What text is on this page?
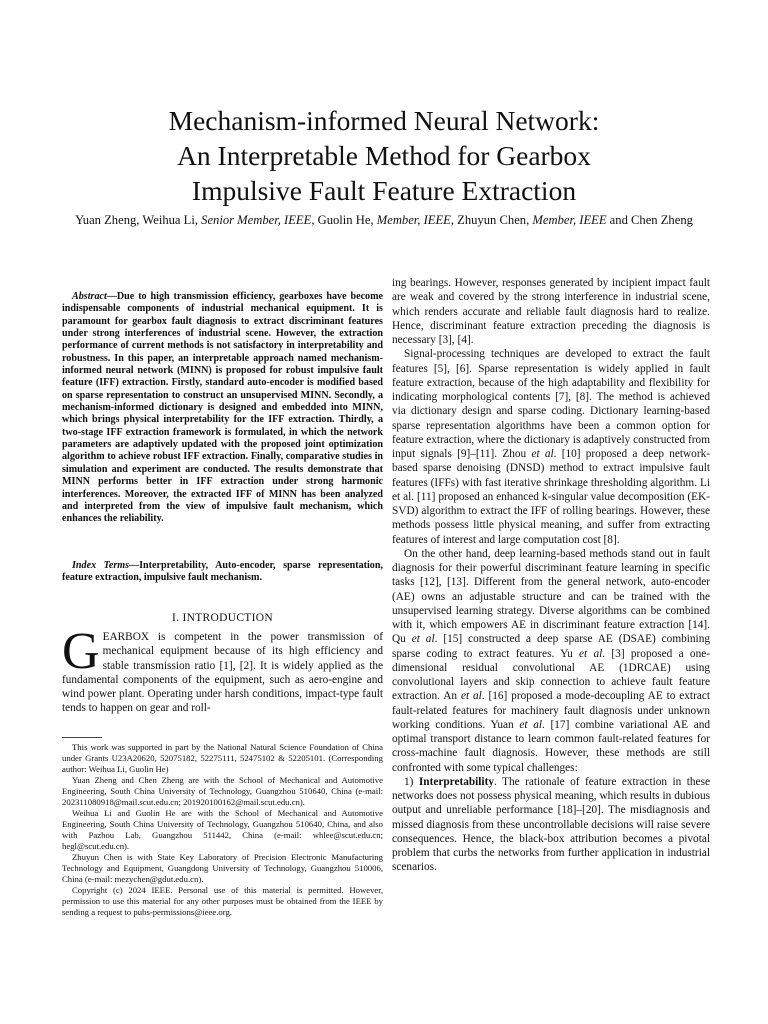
Mechanism-informed Neural Network:
An Interpretable Method for Gearbox
Impulsive Fault Feature Extraction
Yuan Zheng, Weihua Li, Senior Member, IEEE, Guolin He, Member, IEEE, Zhuyun Chen, Member, IEEE and Chen Zheng

Abstract—Due to high transmission efficiency, gearboxes have become indispensable components of industrial mechanical equipment. It is paramount for gearbox fault diagnosis to extract discriminant features under strong interferences of industrial scene. However, the extraction performance of current methods is not satisfactory in interpretability and robustness. In this paper, an interpretable approach named mechanism-informed neural network (MINN) is proposed for robust impulsive fault feature (IFF) extraction. Firstly, standard auto-encoder is modified based on sparse representation to construct an unsupervised MINN. Secondly, a mechanism-informed dictionary is designed and embedded into MINN, which brings physical interpretability for the IFF extraction. Thirdly, a two-stage IFF extraction framework is formulated, in which the network parameters are adaptively updated with the proposed joint optimization algorithm to achieve robust IFF extraction. Finally, comparative studies in simulation and experiment are conducted. The results demonstrate that MINN performs better in IFF extraction under strong harmonic interferences. Moreover, the extracted IFF of MINN has been analyzed and interpreted from the view of impulsive fault mechanism, which enhances the reliability.

Index Terms—Interpretability, Auto-encoder, sparse representation, feature extraction, impulsive fault mechanism.

I. INTRODUCTION

GEARBOX is competent in the power transmission of mechanical equipment because of its high efficiency and stable transmission ratio [1], [2]. It is widely applied as the fundamental components of the equipment, such as aero-engine and wind power plant. Operating under harsh conditions, impact-type fault tends to happen on gear and roll-

This work was supported in part by the National Natural Science Foundation of China under Grants U23A20620, 52075182, 52275111, 52475102 & 52205101. (Corresponding author: Weihua Li, Guolin He)

Yuan Zheng and Chen Zheng are with the School of Mechanical and Automotive Engineering, South China University of Technology, Guangzhou 510640, China (e-mail: 202311080918@mail.scut.edu.cn; 201920100162@mail.scut.edu.cn).

Weihua Li and Guolin He are with the School of Mechanical and Automotive Engineering, South China University of Technology, Guangzhou 510640, China, and also with Pazhou Lab, Guangzhou 511442, China (e-mail: whlee@scut.edu.cn; hegl@scut.edu.cn).

Zhuyun Chen is with State Key Laboratory of Precision Electronic Manufacturing Technology and Equipment, Guangdong University of Technology, Guangzhou 510006, China (e-mail: mezychen@gdut.edu.cn).

Copyright (c) 2024 IEEE. Personal use of this material is permitted. However, permission to use this material for any other purposes must be obtained from the IEEE by sending a request to pubs-permissions@ieee.org.

ing bearings. However, responses generated by incipient impact fault are weak and covered by the strong interference in industrial scene, which renders accurate and reliable fault diagnosis hard to realize. Hence, discriminant feature extraction preceding the diagnosis is necessary [3], [4].

Signal-processing techniques are developed to extract the fault features [5], [6]. Sparse representation is widely applied in fault feature extraction, because of the high adaptability and flexibility for indicating morphological contents [7], [8]. The method is achieved via dictionary design and sparse coding. Dictionary learning-based sparse representation algorithms have been a common option for feature extraction, where the dictionary is adaptively constructed from input signals [9]–[11]. Zhou et al. [10] proposed a deep network-based sparse denoising (DNSD) method to extract impulsive fault features (IFFs) with fast iterative shrinkage thresholding algorithm. Li et al. [11] proposed an enhanced k-singular value decomposition (EK-SVD) algorithm to extract the IFF of rolling bearings. However, these methods possess little physical meaning, and suffer from extracting features of interest and large computation cost [8].

On the other hand, deep learning-based methods stand out in fault diagnosis for their powerful discriminant feature learning in specific tasks [12], [13]. Different from the general network, auto-encoder (AE) owns an adjustable structure and can be trained with the unsupervised learning strategy. Diverse algorithms can be combined with it, which empowers AE in discriminant feature extraction [14]. Qu et al. [15] constructed a deep sparse AE (DSAE) combining sparse coding to extract features. Yu et al. [3] proposed a one-dimensional residual convolutional AE (1DRCAE) using convolutional layers and skip connection to achieve fault feature extraction. An et al. [16] proposed a mode-decoupling AE to extract fault-related features for machinery fault diagnosis under unknown working conditions. Yuan et al. [17] combine variational AE and optimal transport distance to learn common fault-related features for cross-machine fault diagnosis. However, these methods are still confronted with some typical challenges:

1) Interpretability. The rationale of feature extraction in these networks does not possess physical meaning, which results in dubious output and unreliable performance [18]–[20]. The misdiagnosis and missed diagnosis from these uncontrollable decisions will raise severe consequences. Hence, the black-box attribution becomes a pivotal problem that curbs the networks from further application in industrial scenarios.
